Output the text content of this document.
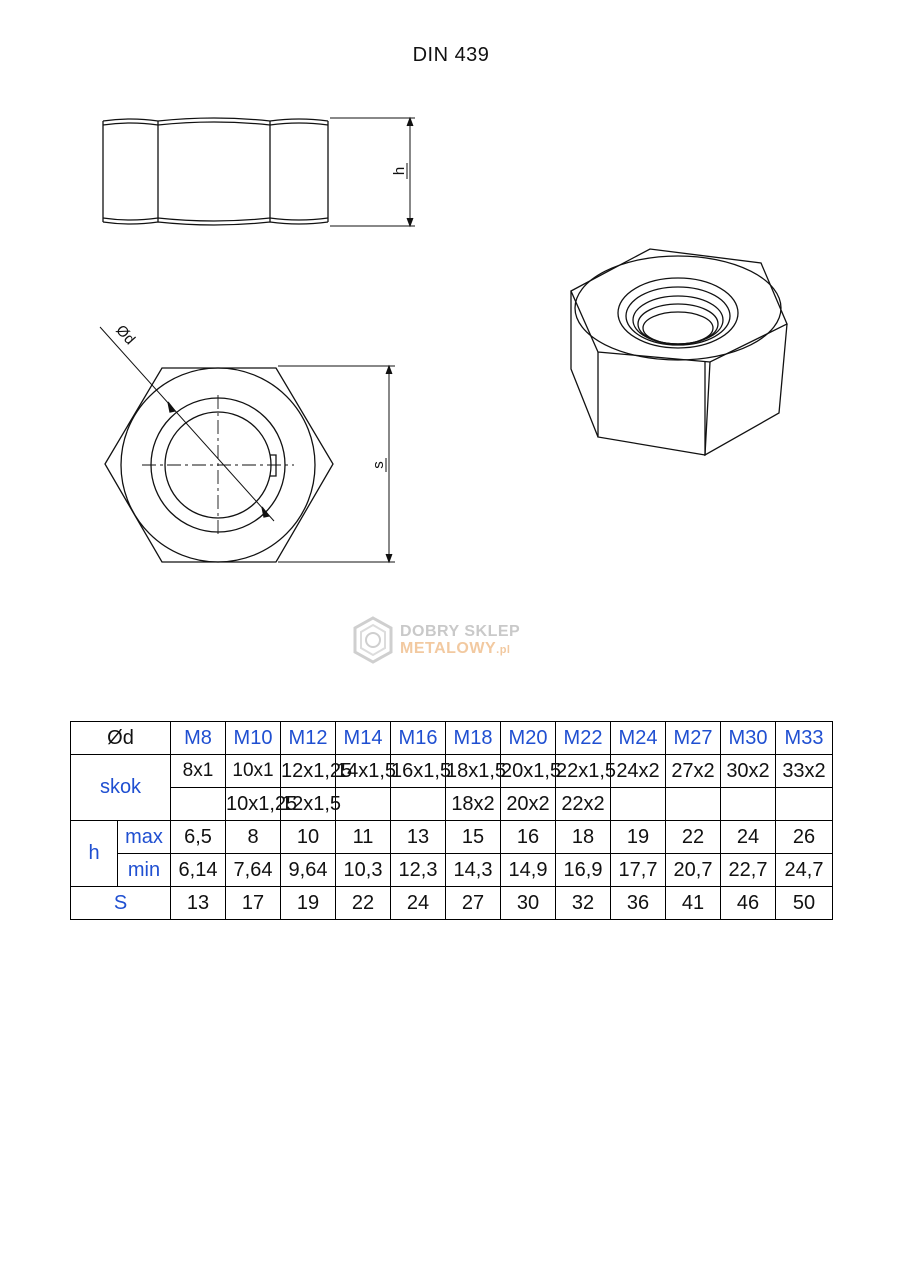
DIN 439
h
s
Ød
DOBRY SKLEP
METALOWY.pl
Ød		M8	M10	M12	M14	M16	M18	M20	M22	M24	M27	M30	M33
skok		8x1	10x1	12x1,25	14x1,5	16x1,5	18x1,5	20x1,5	22x1,5	24x2	27x2	30x2	33x2
			10x1,25	12x1,5			18x2	20x2	22x2				
h	max	6,5	8	10	11	13	15	16	18	19	22	24	26
	min	6,14	7,64	9,64	10,3	12,3	14,3	14,9	16,9	17,7	20,7	22,7	24,7
S		13	17	19	22	24	27	30	32	36	41	46	50
